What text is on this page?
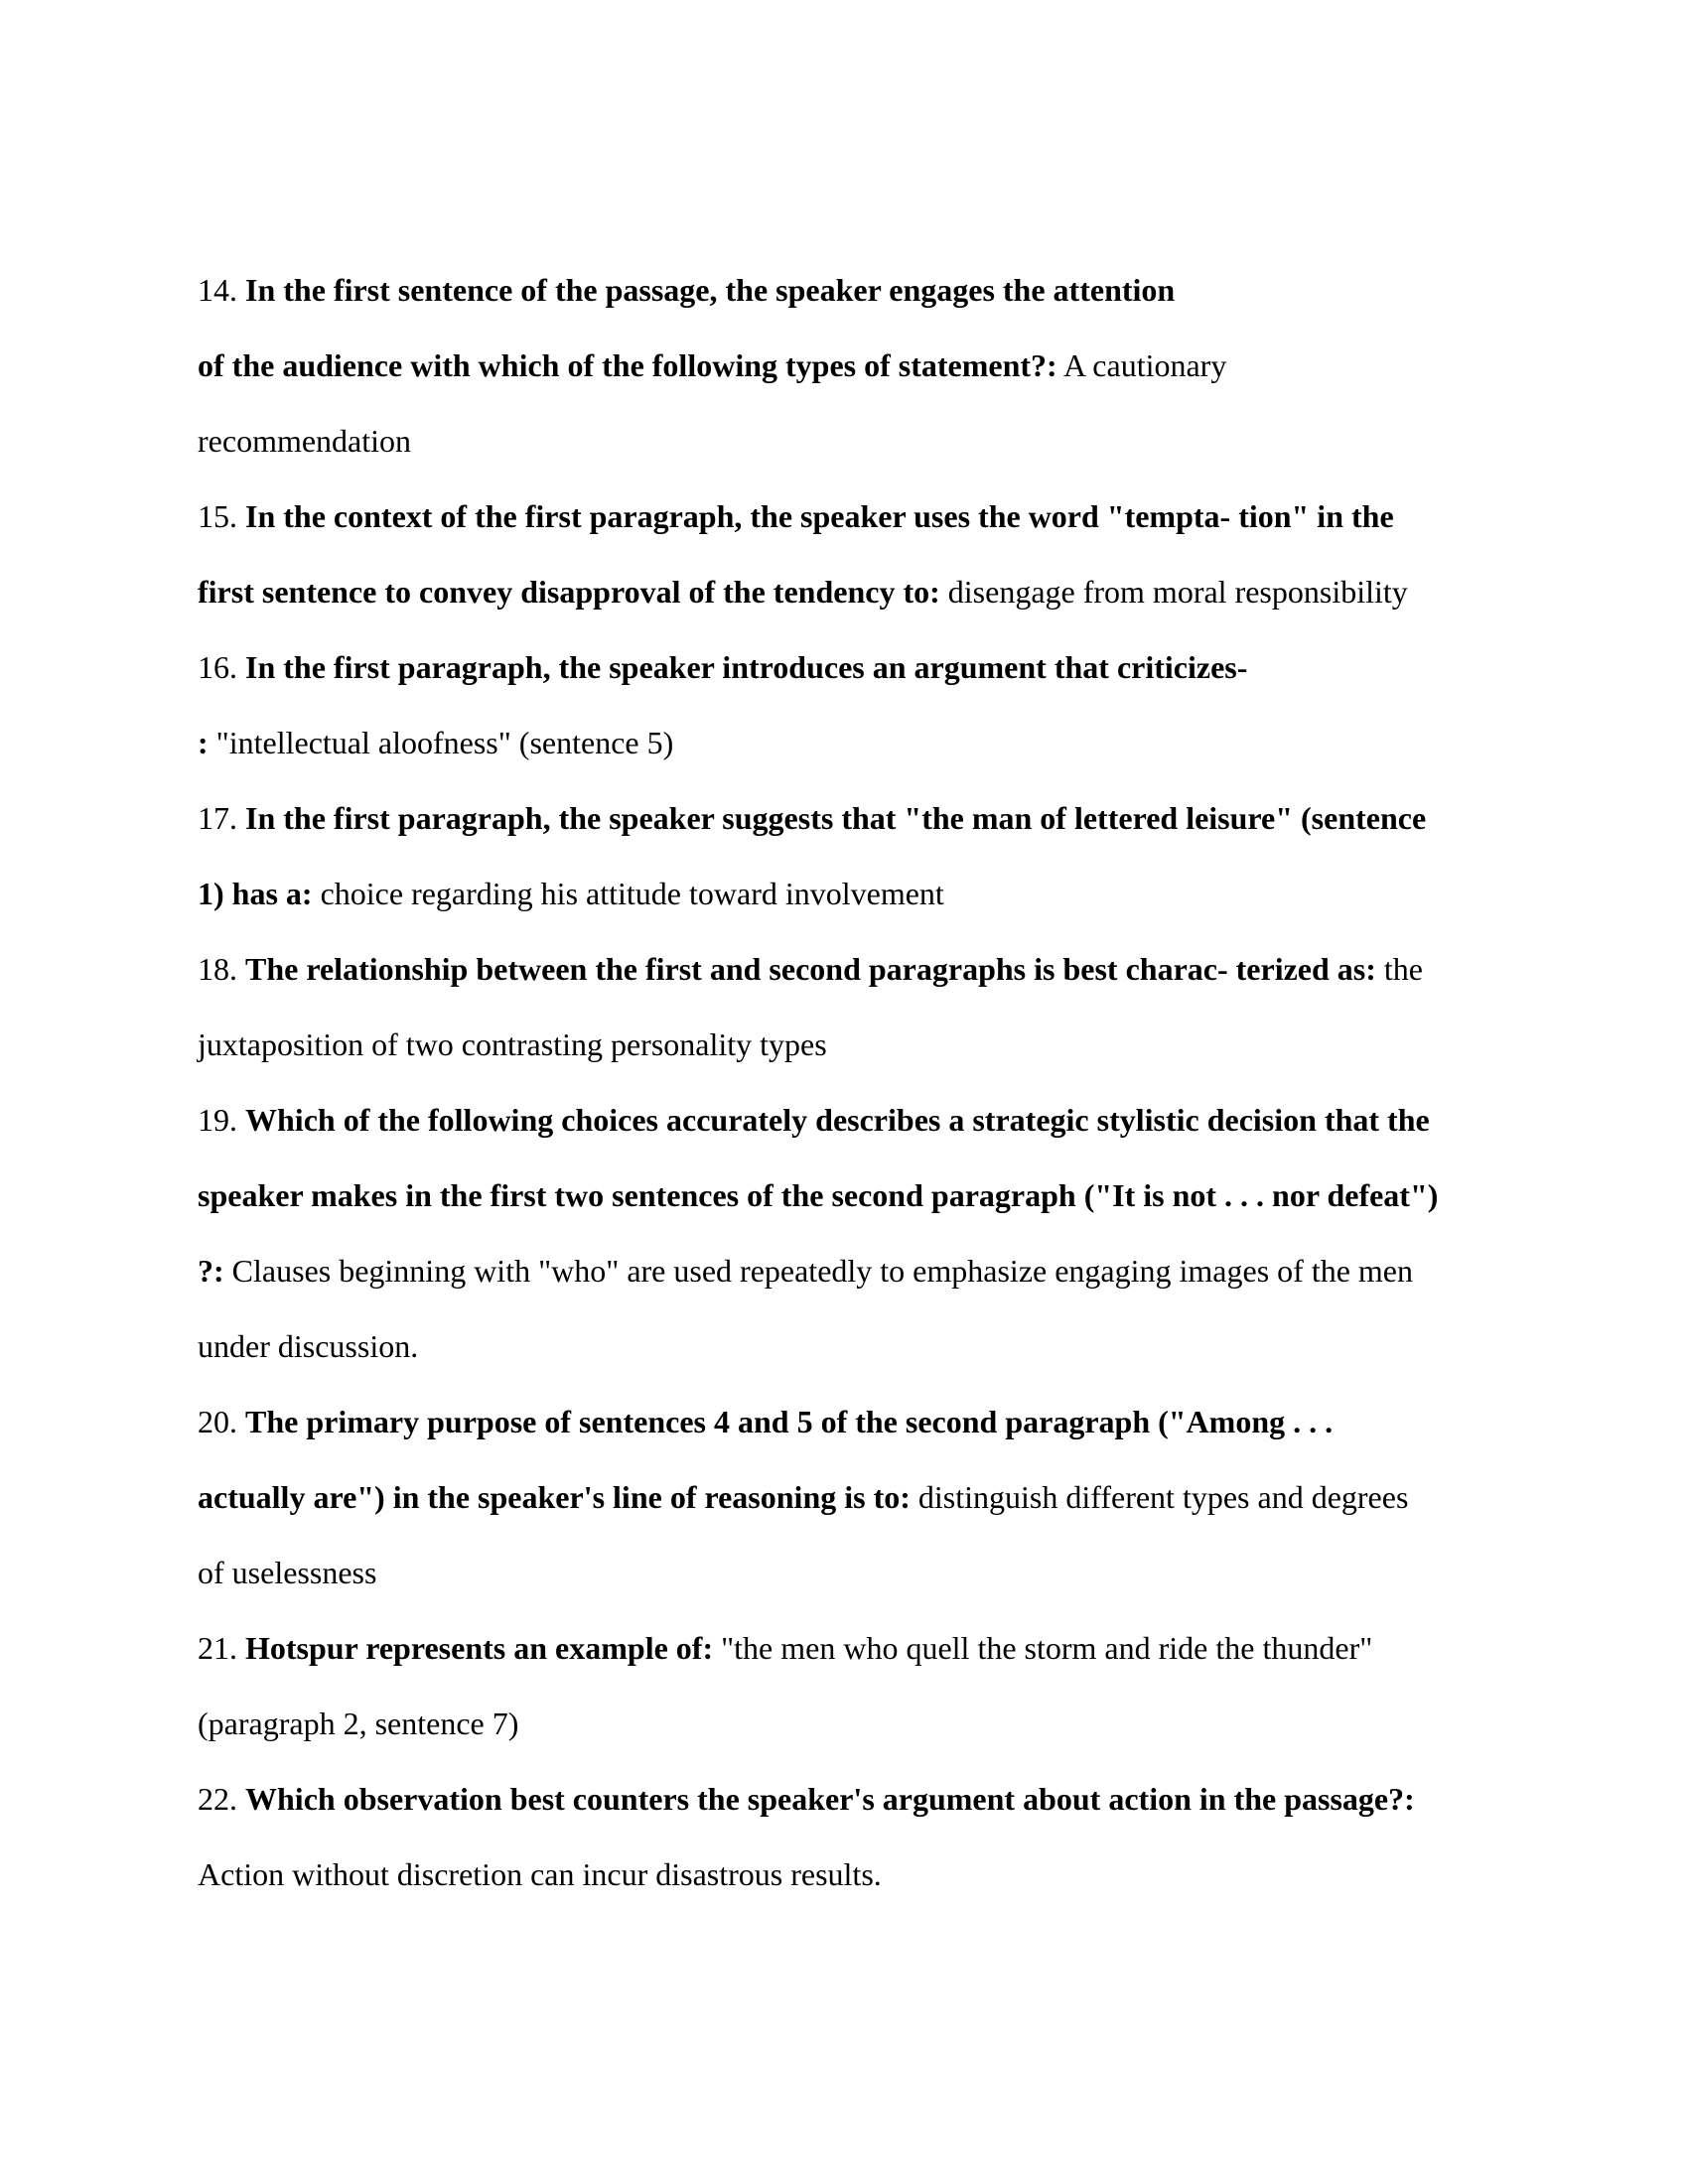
14. In the first sentence of the passage, the speaker engages the attention
of the audience with which of the following types of statement?: A cautionary
recommendation
15. In the context of the first paragraph, the speaker uses the word "tempta- tion" in the
first sentence to convey disapproval of the tendency to: disengage from moral responsibility
16. In the first paragraph, the speaker introduces an argument that criticizes-
: "intellectual aloofness" (sentence 5)
17. In the first paragraph, the speaker suggests that "the man of lettered leisure" (sentence
1) has a: choice regarding his attitude toward involvement
18. The relationship between the first and second paragraphs is best charac- terized as: the
juxtaposition of two contrasting personality types
19. Which of the following choices accurately describes a strategic stylistic decision that the
speaker makes in the first two sentences of the second paragraph ("It is not . . . nor defeat")
?: Clauses beginning with "who" are used repeatedly to emphasize engaging images of the men
under discussion.
20. The primary purpose of sentences 4 and 5 of the second paragraph ("Among . . .
actually are") in the speaker's line of reasoning is to: distinguish different types and degrees
of uselessness
21. Hotspur represents an example of: "the men who quell the storm and ride the thunder"
(paragraph 2, sentence 7)
22. Which observation best counters the speaker's argument about action in the passage?:
Action without discretion can incur disastrous results.
